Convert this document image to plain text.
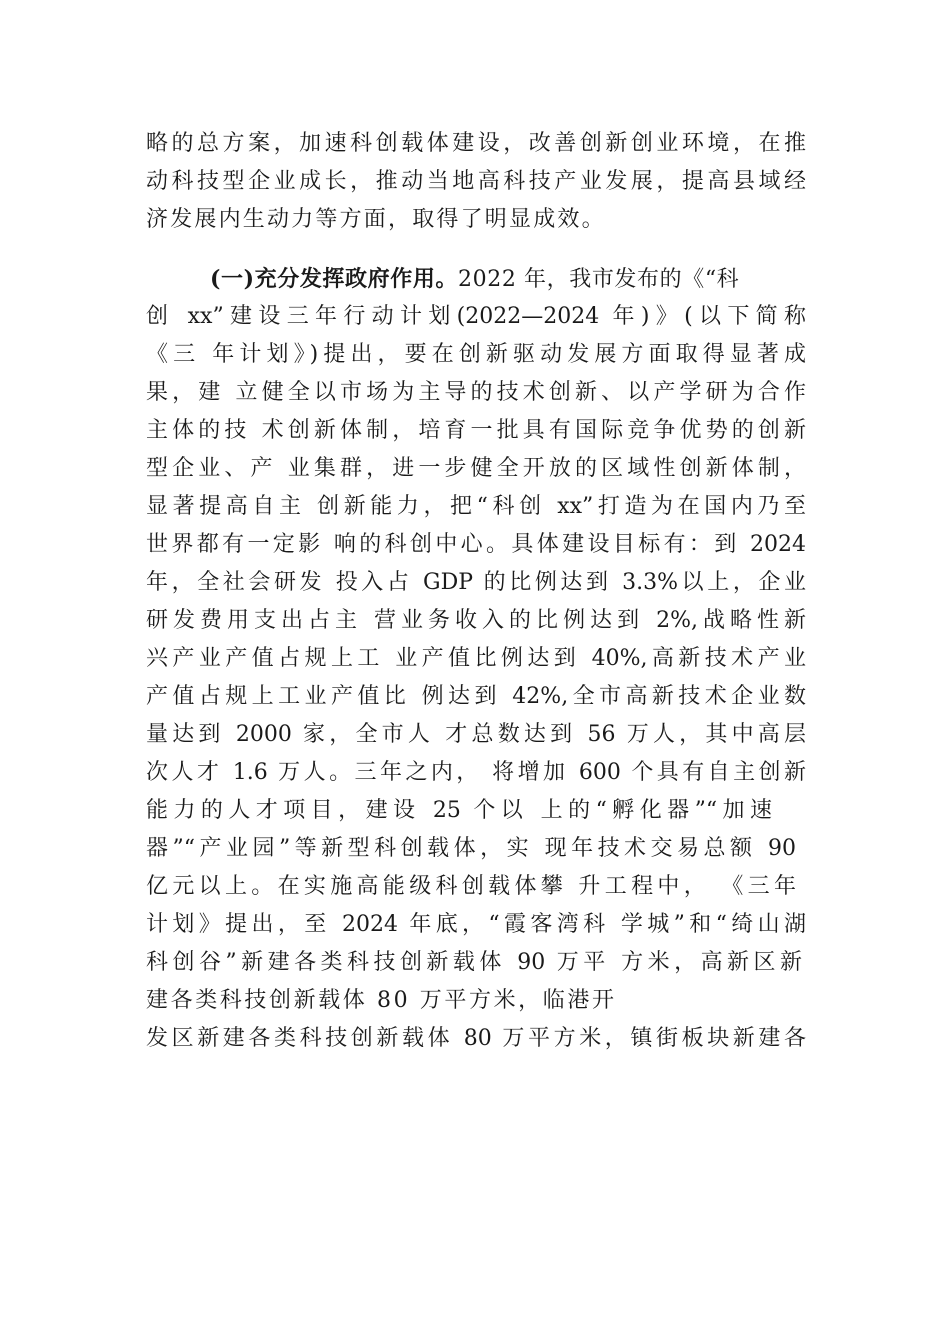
略的总方案，加速科创载体建设，改善创新创业环境，在推
动科技型企业成长，推动当地高科技产业发展，提高县域经
济发展内生动力等方面，取得了明显成效。
(一)充分发挥政府作用。2022 年，我市发布的《“科
创 xx”建设三年行动计划(2022—2024 年)》(以下简称
《三 年计划》)提出，要在创新驱动发展方面取得显著成
果，建 立健全以市场为主导的技术创新、以产学研为合作
主体的技 术创新体制，培育一批具有国际竞争优势的创新
型企业、产 业集群，进一步健全开放的区域性创新体制，
显著提高自主 创新能力，把“科创 xx”打造为在国内乃至
世界都有一定影 响的科创中心。具体建设目标有：到 2024
年，全社会研发 投入占 GDP 的比例达到 3.3%以上，企业
研发费用支出占主 营业务收入的比例达到 2%,战略性新
兴产业产值占规上工 业产值比例达到 40%,高新技术产业
产值占规上工业产值比 例达到 42%,全市高新技术企业数
量达到 2000 家，全市人 才总数达到 56 万人，其中高层
次人才 1.6 万人。三年之内， 将增加 600 个具有自主创新
能力的人才项目，建设 25 个以 上的“孵化器”“加速
器”“产业园”等新型科创载体，实 现年技术交易总额 90
亿元以上。在实施高能级科创载体攀 升工程中， 《三年
计划》提出，至 2024 年底，“霞客湾科 学城”和“绮山湖
科创谷”新建各类科技创新载体 90 万平 方米，高新区新
建各类科技创新载体 80 万平方米，临港开
发区新建各类科技创新载体 80 万平方米，镇街板块新建各
